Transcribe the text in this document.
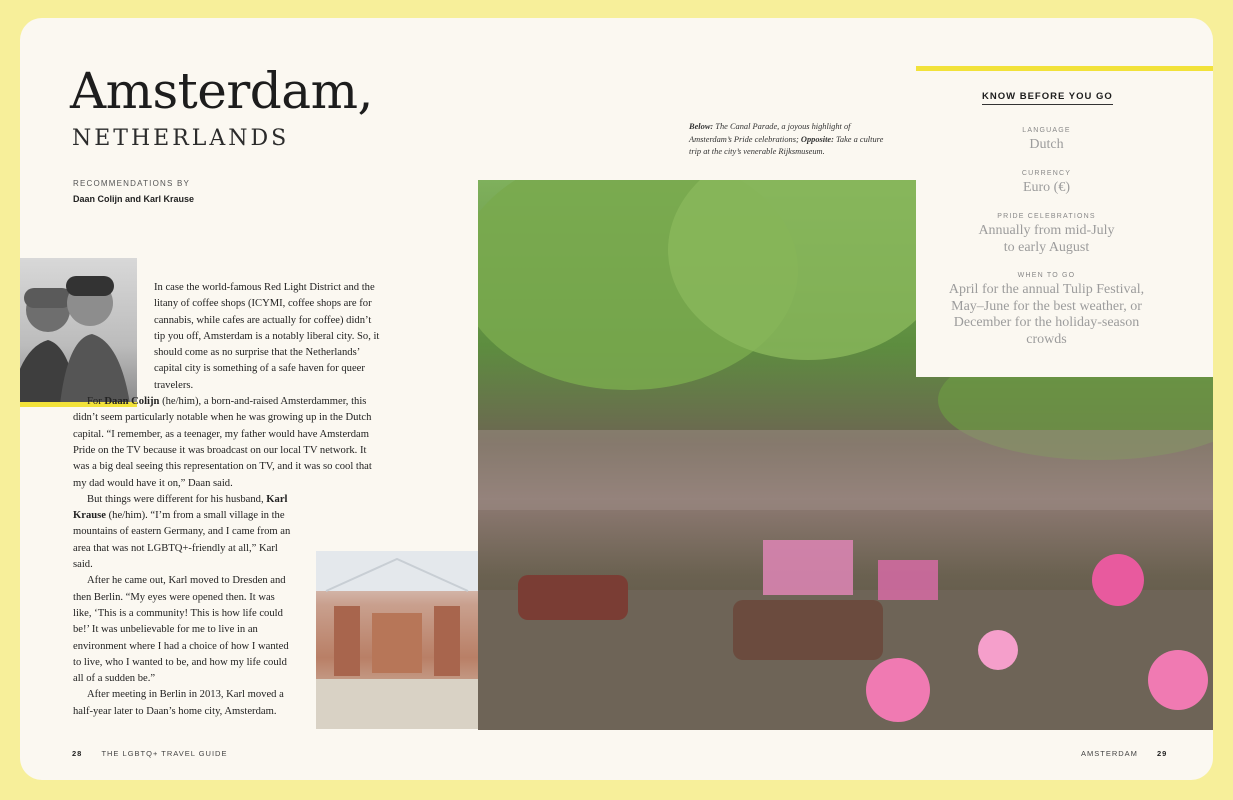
Amsterdam,
NETHERLANDS
RECOMMENDATIONS BY
Daan Colijn and Karl Krause

In case the world-famous Red Light District and the litany of coffee shops (ICYMI, coffee shops are for cannabis, while cafes are actually for coffee) didn’t tip you off, Amsterdam is a notably liberal city. So, it should come as no surprise that the Netherlands’ capital city is something of a safe haven for queer travelers.

For Daan Colijn (he/him), a born-and-raised Amsterdammer, this didn’t seem particularly notable when he was growing up in the Dutch capital. “I remember, as a teenager, my father would have Amsterdam Pride on the TV because it was broadcast on our local TV network. It was a big deal seeing this representation on TV, and it was so cool that my dad would have it on,” Daan said.

But things were different for his husband, Karl Krause (he/him). “I’m from a small village in the mountains of eastern Germany, and I came from an area that was not LGBTQ+-friendly at all,” Karl said.

After he came out, Karl moved to Dresden and then Berlin. “My eyes were opened then. It was like, ‘This is a community! This is how life could be!’ It was unbelievable for me to live in an environment where I had a choice of how I wanted to live, who I wanted to be, and how my life could all of a sudden be.”

After meeting in Berlin in 2013, Karl moved a half-year later to Daan’s home city, Amsterdam.

Below: The Canal Parade, a joyous highlight of Amsterdam’s Pride celebrations; Opposite: Take a culture trip at the city’s venerable Rijksmuseum.
KNOW BEFORE YOU GO
LANGUAGE
Dutch
CURRENCY
Euro (€)
PRIDE CELEBRATIONS
Annually from mid-July to early August
WHEN TO GO
April for the annual Tulip Festival, May–June for the best weather, or December for the holiday-season crowds
28	THE LGBTQ+ TRAVEL GUIDE	AMSTERDAM	29
